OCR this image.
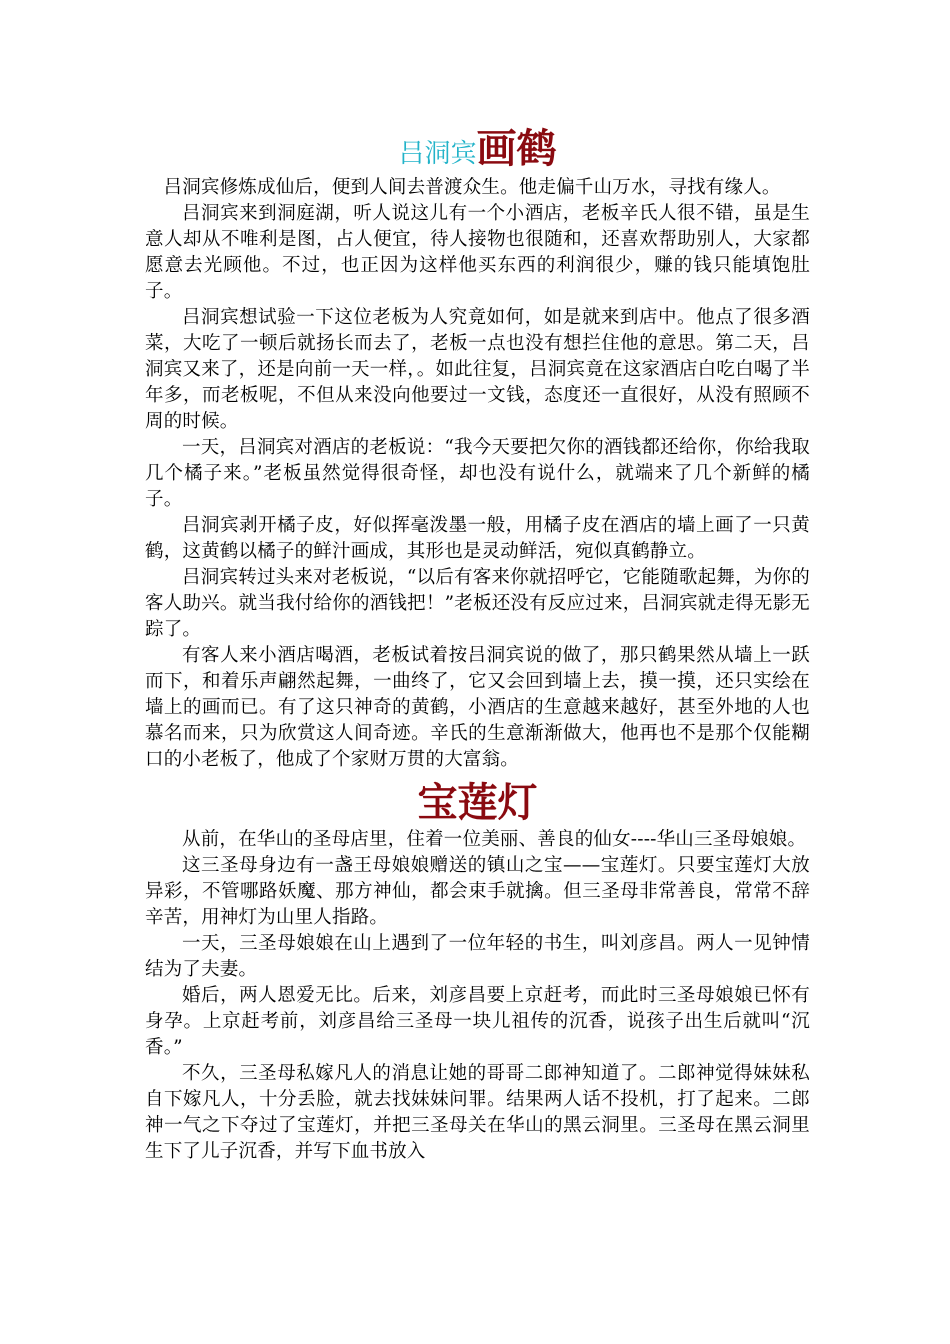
吕洞宾画鹤

吕洞宾修炼成仙后，便到人间去普渡众生。他走偏千山万水，寻找有缘人。

吕洞宾来到洞庭湖，听人说这儿有一个小酒店，老板辛氏人很不错，虽是生意人却从不唯利是图，占人便宜，待人接物也很随和，还喜欢帮助别人，大家都愿意去光顾他。不过，也正因为这样他买东西的利润很少，赚的钱只能填饱肚子。

吕洞宾想试验一下这位老板为人究竟如何，如是就来到店中。他点了很多酒菜，大吃了一顿后就扬长而去了，老板一点也没有想拦住他的意思。第二天，吕洞宾又来了，还是向前一天一样，。如此往复，吕洞宾竟在这家酒店白吃白喝了半年多，而老板呢，不但从来没向他要过一文钱，态度还一直很好，从没有照顾不周的时候。

一天，吕洞宾对酒店的老板说：“我今天要把欠你的酒钱都还给你，你给我取几个橘子来。”老板虽然觉得很奇怪，却也没有说什么，就端来了几个新鲜的橘子。

吕洞宾剥开橘子皮，好似挥毫泼墨一般，用橘子皮在酒店的墙上画了一只黄鹤，这黄鹤以橘子的鲜汁画成，其形也是灵动鲜活，宛似真鹤静立。

吕洞宾转过头来对老板说，“以后有客来你就招呼它，它能随歌起舞，为你的客人助兴。就当我付给你的酒钱把！”老板还没有反应过来，吕洞宾就走得无影无踪了。

有客人来小酒店喝酒，老板试着按吕洞宾说的做了，那只鹤果然从墙上一跃而下，和着乐声翩然起舞，一曲终了，它又会回到墙上去，摸一摸，还只实绘在墙上的画而已。有了这只神奇的黄鹤，小酒店的生意越来越好，甚至外地的人也慕名而来，只为欣赏这人间奇迹。辛氏的生意渐渐做大，他再也不是那个仅能糊口的小老板了，他成了个家财万贯的大富翁。

宝莲灯

从前，在华山的圣母店里，住着一位美丽、善良的仙女----华山三圣母娘娘。

这三圣母身边有一盏王母娘娘赠送的镇山之宝——宝莲灯。只要宝莲灯大放异彩，不管哪路妖魔、那方神仙，都会束手就擒。但三圣母非常善良，常常不辞辛苦，用神灯为山里人指路。

一天，三圣母娘娘在山上遇到了一位年轻的书生，叫刘彦昌。两人一见钟情结为了夫妻。

婚后，两人恩爱无比。后来，刘彦昌要上京赶考，而此时三圣母娘娘已怀有身孕。上京赶考前，刘彦昌给三圣母一块儿祖传的沉香，说孩子出生后就叫“沉香。”

不久，三圣母私嫁凡人的消息让她的哥哥二郎神知道了。二郎神觉得妹妹私自下嫁凡人，十分丢脸，就去找妹妹问罪。结果两人话不投机，打了起来。二郎神一气之下夺过了宝莲灯，并把三圣母关在华山的黑云洞里。三圣母在黑云洞里生下了儿子沉香，并写下血书放入
